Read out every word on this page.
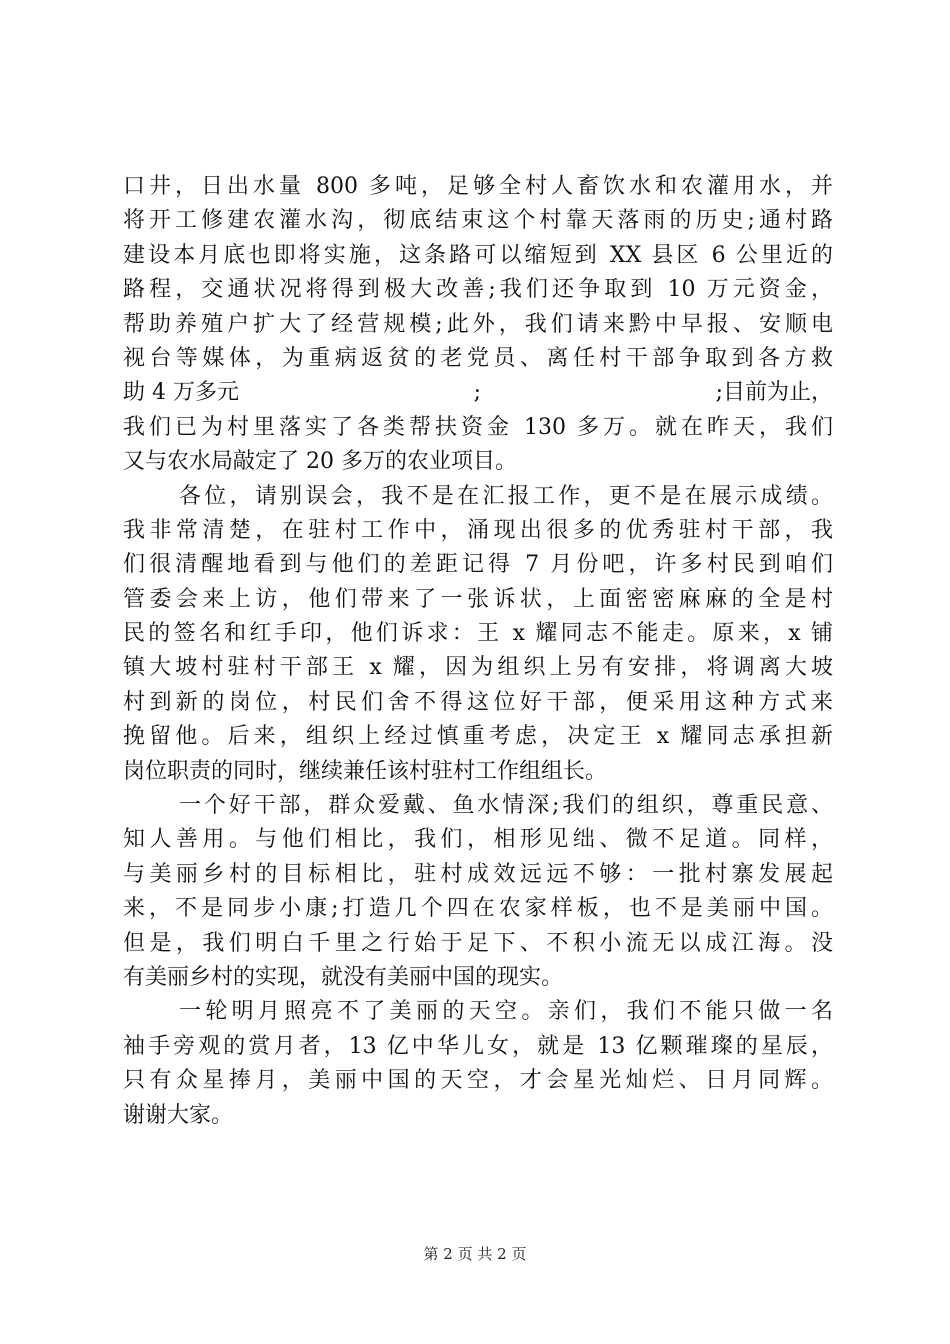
口井，日出水量 800 多吨，足够全村人畜饮水和农灌用水，并
将开工修建农灌水沟，彻底结束这个村靠天落雨的历史;通村路
建设本月底也即将实施，这条路可以缩短到 XX 县区 6 公里近的
路程，交通状况将得到极大改善;我们还争取到 10 万元资金，
帮助养殖户扩大了经营规模;此外，我们请来黔中早报、安顺电
视台等媒体，为重病返贫的老党员、离任村干部争取到各方救
助 4 万多元	;	;目前为止，
我们已为村里落实了各类帮扶资金 130 多万。就在昨天，我们
又与农水局敲定了 20 多万的农业项目。
各位，请别误会，我不是在汇报工作，更不是在展示成绩。
我非常清楚，在驻村工作中，涌现出很多的优秀驻村干部，我
们很清醒地看到与他们的差距记得 7 月份吧，许多村民到咱们
管委会来上访，他们带来了一张诉状，上面密密麻麻的全是村
民的签名和红手印，他们诉求：王 x 耀同志不能走。原来，x 铺
镇大坡村驻村干部王 x 耀，因为组织上另有安排，将调离大坡
村到新的岗位，村民们舍不得这位好干部，便采用这种方式来
挽留他。后来，组织上经过慎重考虑，决定王 x 耀同志承担新
岗位职责的同时，继续兼任该村驻村工作组组长。
一个好干部，群众爱戴、鱼水情深;我们的组织，尊重民意、
知人善用。与他们相比，我们，相形见绌、微不足道。同样，
与美丽乡村的目标相比，驻村成效远远不够：一批村寨发展起
来，不是同步小康;打造几个四在农家样板，也不是美丽中国。
但是，我们明白千里之行始于足下、不积小流无以成江海。没
有美丽乡村的实现，就没有美丽中国的现实。
一轮明月照亮不了美丽的天空。亲们，我们不能只做一名
袖手旁观的赏月者，13 亿中华儿女，就是 13 亿颗璀璨的星辰，
只有众星捧月，美丽中国的天空，才会星光灿烂、日月同辉。
谢谢大家。
第 2 页 共 2 页
